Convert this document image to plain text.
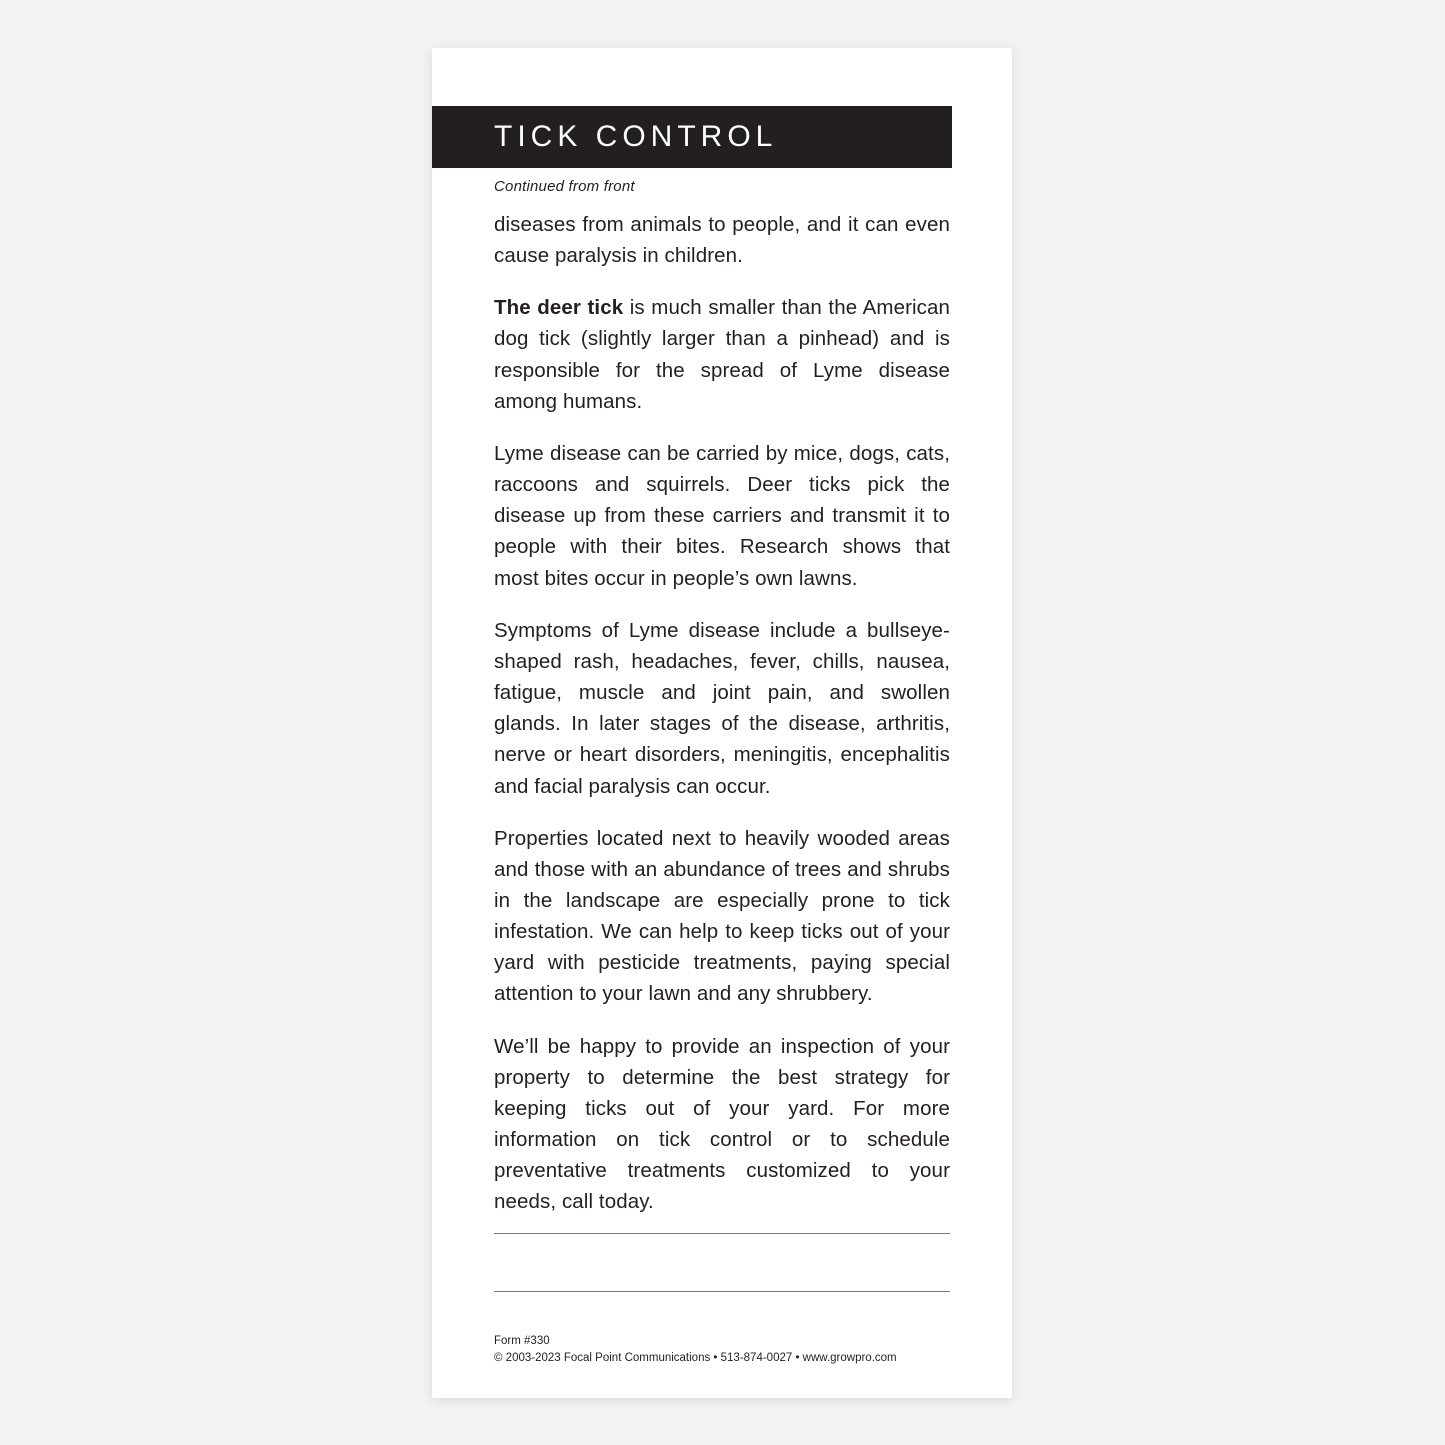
TICK CONTROL
Continued from front

diseases from animals to people, and it can even cause paralysis in children.

The deer tick is much smaller than the American dog tick (slightly larger than a pinhead) and is responsible for the spread of Lyme disease among humans.

Lyme disease can be carried by mice, dogs, cats, raccoons and squirrels. Deer ticks pick the disease up from these carriers and transmit it to people with their bites. Research shows that most bites occur in people’s own lawns.

Symptoms of Lyme disease include a bullseye-shaped rash, headaches, fever, chills, nausea, fatigue, muscle and joint pain, and swollen glands. In later stages of the disease, arthritis, nerve or heart disorders, meningitis, encephalitis and facial paralysis can occur.

Properties located next to heavily wooded areas and those with an abundance of trees and shrubs in the landscape are especially prone to tick infestation. We can help to keep ticks out of your yard with pesticide treatments, paying special attention to your lawn and any shrubbery.

We’ll be happy to provide an inspection of your property to determine the best strategy for keeping ticks out of your yard. For more information on tick control or to schedule preventative treatments customized to your needs, call today.

Form #330
© 2003-2023 Focal Point Communications • 513-874-0027 • www.growpro.com
